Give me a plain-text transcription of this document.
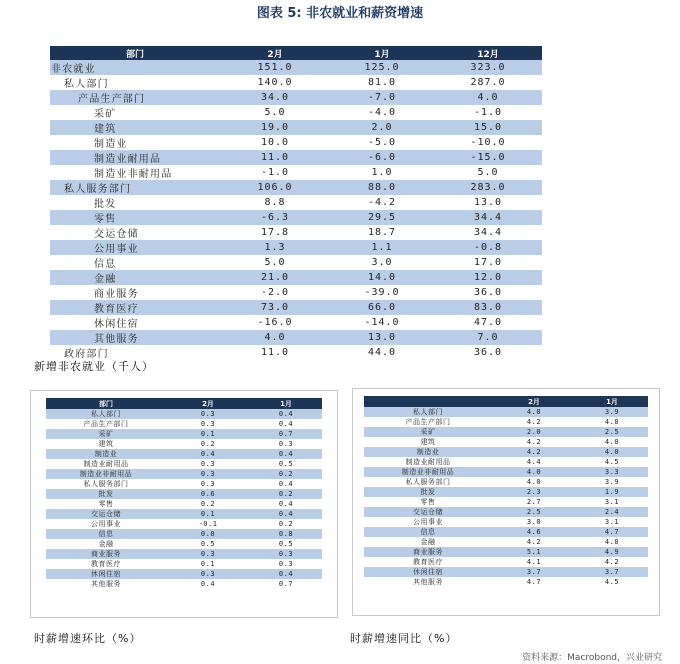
图表 5: 非农就业和薪资增速
部门	2月	1月	12月
非农就业	151.0	125.0	323.0
私人部门	140.0	81.0	287.0
产品生产部门	34.0	-7.0	4.0
采矿	5.0	-4.0	-1.0
建筑	19.0	2.0	15.0
制造业	10.0	-5.0	-10.0
制造业耐用品	11.0	-6.0	-15.0
制造业非耐用品	-1.0	1.0	5.0
私人服务部门	106.0	88.0	283.0
批发	8.8	-4.2	13.0
零售	-6.3	29.5	34.4
交运仓储	17.8	18.7	34.4
公用事业	1.3	1.1	-0.8
信息	5.0	3.0	17.0
金融	21.0	14.0	12.0
商业服务	-2.0	-39.0	36.0
教育医疗	73.0	66.0	83.0
休闲住宿	-16.0	-14.0	47.0
其他服务	4.0	13.0	7.0
政府部门	11.0	44.0	36.0
新增非农就业（千人）
部门	2月	1月
私人部门	0.3	0.4
产品生产部门	0.3	0.4
采矿	0.1	0.7
建筑	0.2	0.3
制造业	0.4	0.4
制造业耐用品	0.3	0.5
制造业非耐用品	0.3	0.2
私人服务部门	0.3	0.4
批发	0.6	0.2
零售	0.2	0.4
交运仓储	0.1	0.4
公用事业	-0.1	0.2
信息	0.0	0.8
金融	0.5	0.5
商业服务	0.3	0.3
教育医疗	0.1	0.3
休闲住宿	0.3	0.4
其他服务	0.4	0.7
时薪增速环比（%）
	2月	1月
私人部门	4.0	3.9
产品生产部门	4.2	4.0
采矿	2.0	2.5
建筑	4.2	4.0
制造业	4.2	4.0
制造业耐用品	4.4	4.5
制造业非耐用品	4.0	3.3
私人服务部门	4.0	3.9
批发	2.3	1.9
零售	2.7	3.1
交运仓储	2.5	2.4
公用事业	3.0	3.1
信息	4.6	4.7
金融	4.2	4.0
商业服务	5.1	4.9
教育医疗	4.1	4.2
休闲住宿	3.7	3.7
其他服务	4.7	4.5
时薪增速同比（%）
资料来源：Macrobond，兴业研究
